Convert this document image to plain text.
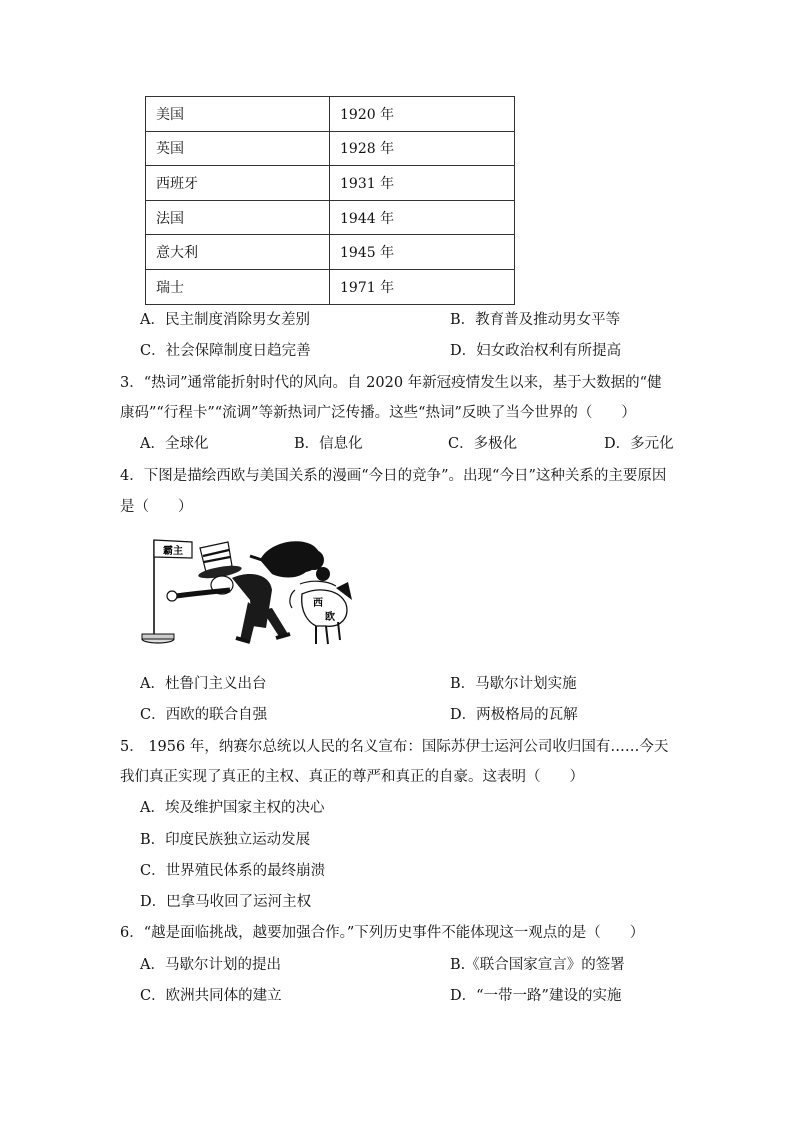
美国	1920 年
英国	1928 年
西班牙	1931 年
法国	1944 年
意大利	1945 年
瑞士	1971 年
A．民主制度消除男女差别	B．教育普及推动男女平等
C．社会保障制度日趋完善	D．妇女政治权利有所提高
3．“热词”通常能折射时代的风向。自 2020 年新冠疫情发生以来，基于大数据的“健
康码”“行程卡”“流调”等新热词广泛传播。这些“热词”反映了当今世界的（　　）
A．全球化	B．信息化	C．多极化	D．多元化
4．下图是描绘西欧与美国关系的漫画“今日的竞争”。出现“今日”这种关系的主要原因
是（　　）
霸主
西
欧
A．杜鲁门主义出台	B．马歇尔计划实施
C．西欧的联合自强	D．两极格局的瓦解
5． 1956 年，纳赛尔总统以人民的名义宣布：国际苏伊士运河公司收归国有……今天
我们真正实现了真正的主权、真正的尊严和真正的自豪。这表明（　　）
A．埃及维护国家主权的决心
B．印度民族独立运动发展
C．世界殖民体系的最终崩溃
D．巴拿马收回了运河主权
6．“越是面临挑战，越要加强合作。”下列历史事件不能体现这一观点的是（　　）
A．马歇尔计划的提出	B.《联合国家宣言》的签署
C．欧洲共同体的建立	D．“一带一路”建设的实施
